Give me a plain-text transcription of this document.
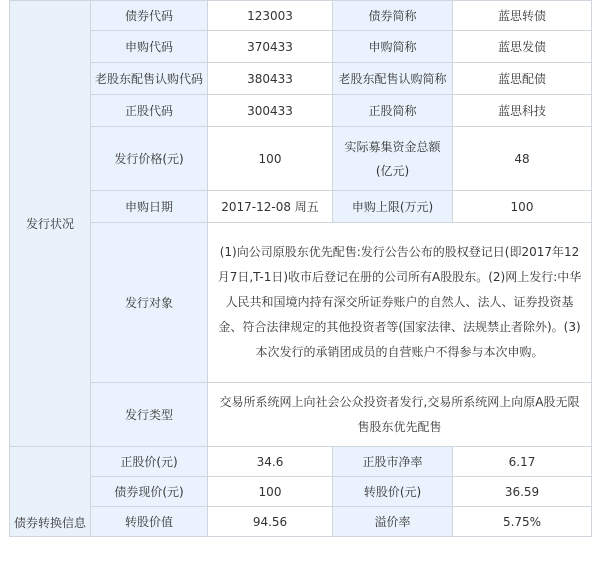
发行状况	债券代码	123003	债券简称	蓝思转债
	申购代码	370433	申购简称	蓝思发债
	老股东配售认购代码	380433	老股东配售认购简称	蓝思配债
	正股代码	300433	正股简称	蓝思科技
	发行价格(元)	100	实际募集资金总额(亿元)	48
	申购日期	2017-12-08 周五	申购上限(万元)	100
	发行对象	(1)向公司原股东优先配售:发行公告公布的股权登记日(即2017年12月7日,T-1日)收市后登记在册的公司所有A股股东。(2)网上发行:中华人民共和国境内持有深交所证券账户的自然人、法人、证券投资基金、符合法律规定的其他投资者等(国家法律、法规禁止者除外)。(3)本次发行的承销团成员的自营账户不得参与本次申购。		
	发行类型	交易所系统网上向社会公众投资者发行,交易所系统网上向原A股无限售股东优先配售		
债券转换信息	正股价(元)	34.6	正股市净率	6.17
	债券现价(元)	100	转股价(元)	36.59
	转股价值	94.56	溢价率	5.75%
